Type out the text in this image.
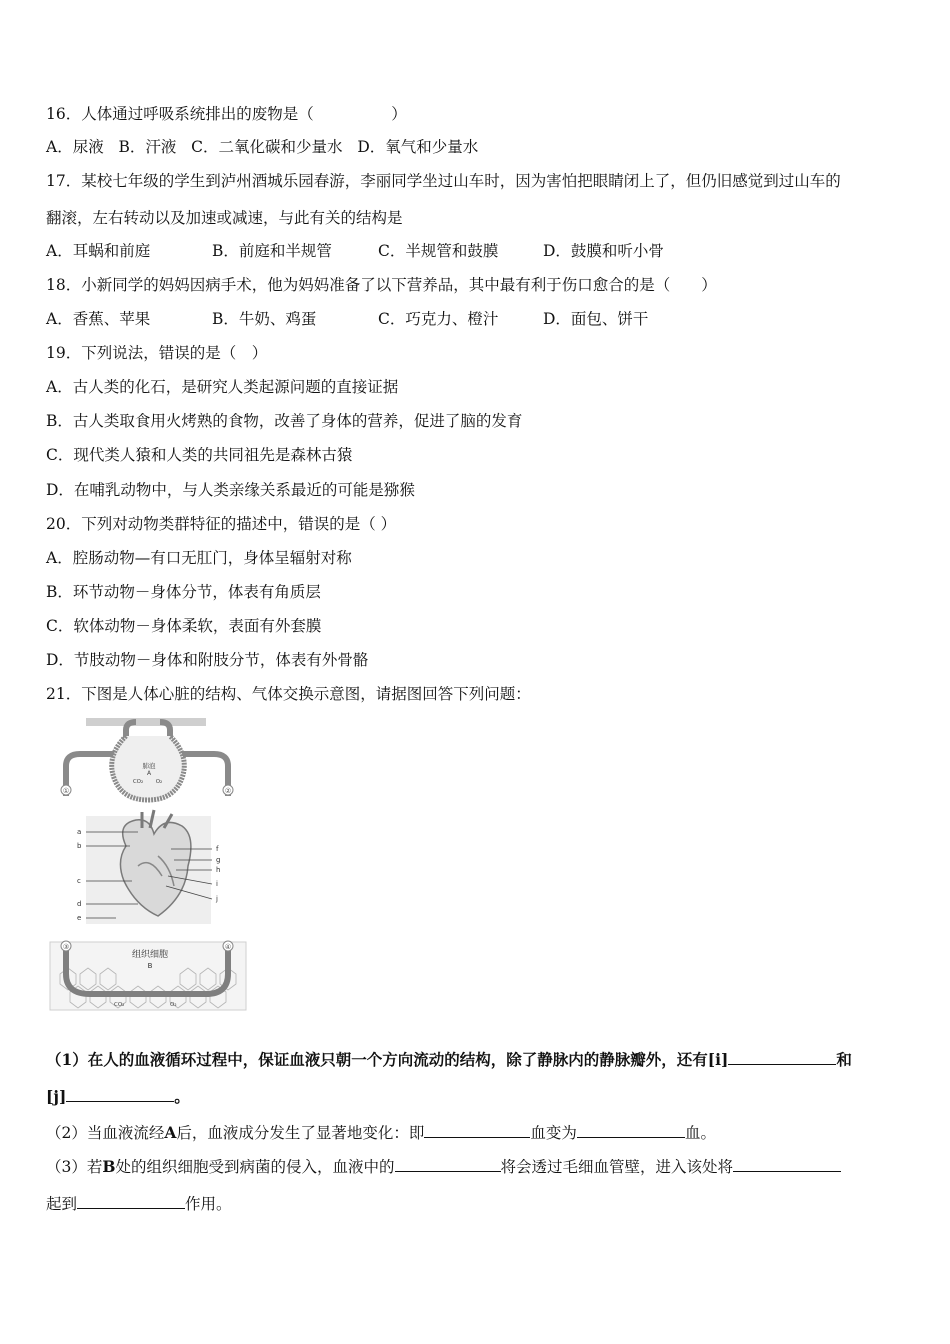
16．人体通过呼吸系统排出的废物是（　　　　　）
A．尿液 B．汗液 C．二氧化碳和少量水 D．氧气和少量水
17．某校七年级的学生到泸州酒城乐园春游，李丽同学坐过山车时，因为害怕把眼睛闭上了，但仍旧感觉到过山车的
翻滚，左右转动以及加速或减速，与此有关的结构是
A．耳蜗和前庭	B．前庭和半规管	C．半规管和鼓膜	D．鼓膜和听小骨
18．小新同学的妈妈因病手术，他为妈妈准备了以下营养品，其中最有利于伤口愈合的是（　　）
A．香蕉、苹果	B．牛奶、鸡蛋	C．巧克力、橙汁	D．面包、饼干
19．下列说法，错误的是（　）
A．古人类的化石，是研究人类起源问题的直接证据
B．古人类取食用火烤熟的食物，改善了身体的营养，促进了脑的发育
C．现代类人猿和人类的共同祖先是森林古猿
D．在哺乳动物中，与人类亲缘关系最近的可能是猕猴
20．下列对动物类群特征的描述中，错误的是（ ）
A．腔肠动物—有口无肛门，身体呈辐射对称
B．环节动物－身体分节，体表有角质层
C．软体动物－身体柔软，表面有外套膜
D．节肢动物－身体和附肢分节，体表有外骨骼
21．下图是人体心脏的结构、气体交换示意图，请据图回答下列问题：
①	②
肺泡
A
CO₂ O₂
a
b
c
d
e
f
g
h
i
j
③	④
组织细胞
B
CO₂	O₂
（1）在人的血液循环过程中，保证血液只朝一个方向流动的结构，除了静脉内的静脉瓣外，还有[i]	和
[j]	。
（2）当血液流经A后，血液成分发生了显著地变化：即	血变为	血。
（3）若B处的组织细胞受到病菌的侵入，血液中的	将会透过毛细血管壁，进入该处将
起到	作用。
